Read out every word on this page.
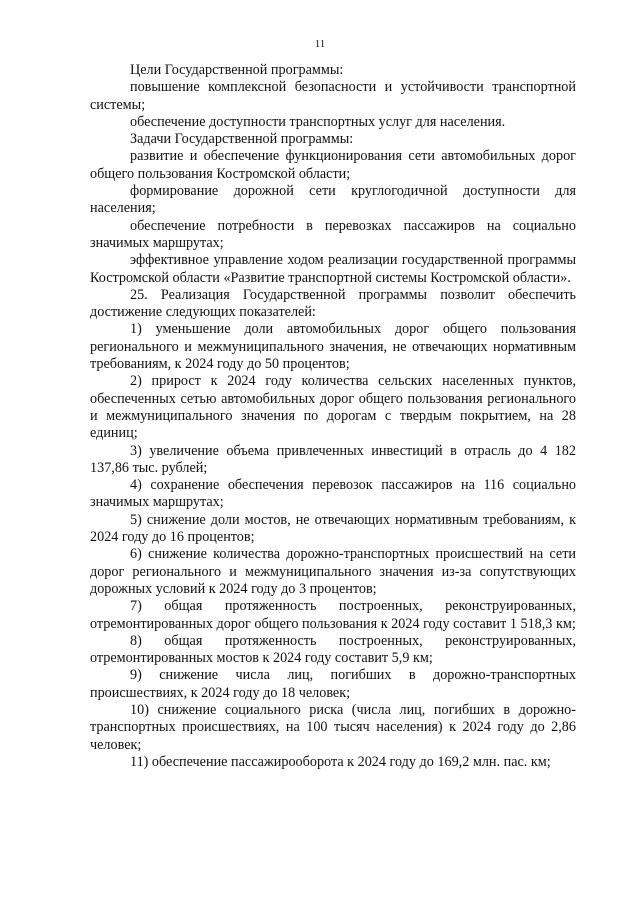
11

Цели Государственной программы:

повышение комплексной безопасности и устойчивости транспортной системы;

обеспечение доступности транспортных услуг для населения.

Задачи Государственной программы:

развитие и обеспечение функционирования сети автомобильных дорог общего пользования Костромской области;

формирование дорожной сети круглогодичной доступности для населения;

обеспечение потребности в перевозках пассажиров на социально значимых маршрутах;

эффективное управление ходом реализации государственной программы Костромской области «Развитие транспортной системы Костромской области».

25. Реализация Государственной программы позволит обеспечить достижение следующих показателей:

1) уменьшение доли автомобильных дорог общего пользования регионального и межмуниципального значения, не отвечающих нормативным требованиям, к 2024 году до 50 процентов;

2) прирост к 2024 году количества сельских населенных пунктов, обеспеченных сетью автомобильных дорог общего пользования регионального и межмуниципального значения по дорогам с твердым покрытием, на 28 единиц;

3) увеличение объема привлеченных инвестиций в отрасль до 4 182 137,86 тыс. рублей;

4) сохранение обеспечения перевозок пассажиров на 116 социально значимых маршрутах;

5) снижение доли мостов, не отвечающих нормативным требованиям, к 2024 году до 16 процентов;

6) снижение количества дорожно-транспортных происшествий на сети дорог регионального и межмуниципального значения из-за сопутствующих дорожных условий к 2024 году до 3 процентов;

7) общая протяженность построенных, реконструированных, отремонтированных дорог общего пользования к 2024 году составит 1 518,3 км;

8) общая протяженность построенных, реконструированных, отремонтированных мостов к 2024 году составит 5,9 км;

9) снижение числа лиц, погибших в дорожно-транспортных происшествиях, к 2024 году до 18 человек;

10) снижение социального риска (числа лиц, погибших в дорожно-транспортных происшествиях, на 100 тысяч населения) к 2024 году до 2,86 человек;

11) обеспечение пассажирооборота к 2024 году до 169,2 млн. пас. км;
